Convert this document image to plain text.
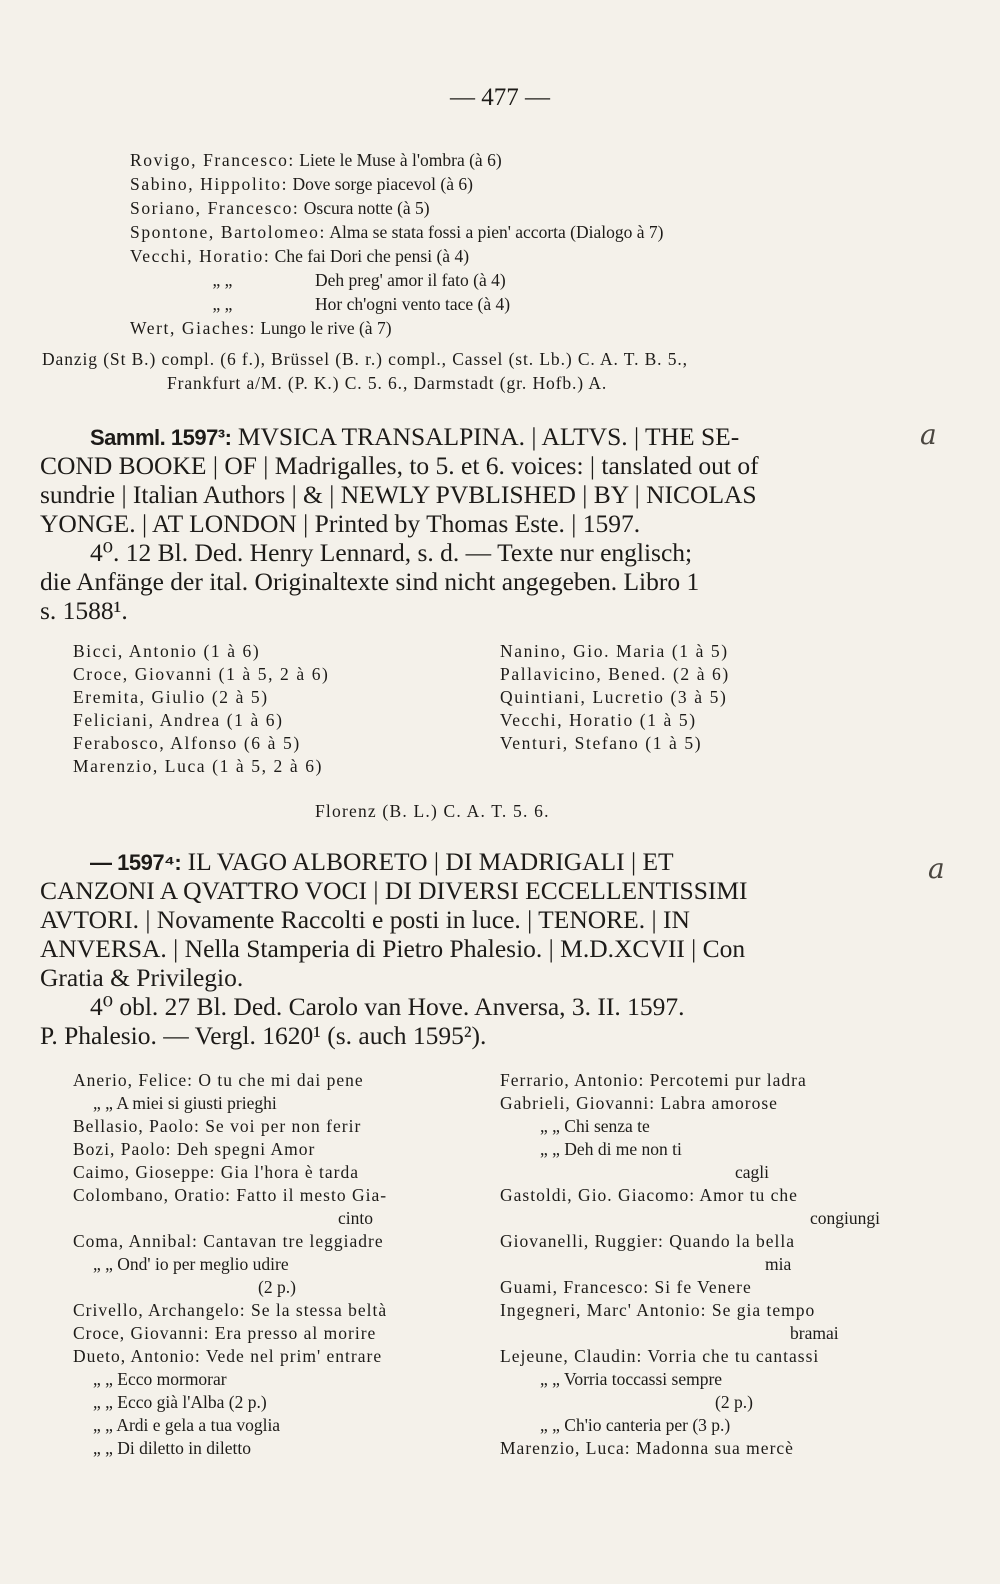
— 477 —
Rovigo, Francesco: Liete le Muse à l'ombra (à 6)
Sabino, Hippolito: Dove sorge piacevol (à 6)
Soriano, Francesco: Oscura notte (à 5)
Spontone, Bartolomeo: Alma se stata fossi a pien' accorta (Dialogo à 7)
Vecchi, Horatio: Che fai Dori che pensi (à 4)
„ „	Deh preg' amor il fato (à 4)
„ „	Hor ch'ogni vento tace (à 4)
Wert, Giaches: Lungo le rive (à 7)
Danzig (St B.) compl. (6 f.), Brüssel (B. r.) compl., Cassel (st. Lb.) C. A. T. B. 5.,
Frankfurt a/M. (P. K.) C. 5. 6., Darmstadt (gr. Hofb.) A.
Samml. 1597³: MVSICA TRANSALPINA. | ALTVS. | THE SE-
COND BOOKE | OF | Madrigalles, to 5. et 6. voices: | tanslated out of
sundrie | Italian Authors | & | NEWLY PVBLISHED | BY | NICOLAS
YONGE. | AT LONDON | Printed by Thomas Este. | 1597.
4⁰. 12 Bl. Ded. Henry Lennard, s. d. — Texte nur englisch;
die Anfänge der ital. Originaltexte sind nicht angegeben. Libro 1
s. 1588¹.
a
Bicci, Antonio (1 à 6)
Croce, Giovanni (1 à 5, 2 à 6)
Eremita, Giulio (2 à 5)
Feliciani, Andrea (1 à 6)
Ferabosco, Alfonso (6 à 5)
Marenzio, Luca (1 à 5, 2 à 6)
Nanino, Gio. Maria (1 à 5)
Pallavicino, Bened. (2 à 6)
Quintiani, Lucretio (3 à 5)
Vecchi, Horatio (1 à 5)
Venturi, Stefano (1 à 5)
Florenz (B. L.) C. A. T. 5. 6.
— 1597⁴: IL VAGO ALBORETO | DI MADRIGALI | ET
CANZONI A QVATTRO VOCI | DI DIVERSI ECCELLENTISSIMI
AVTORI. | Novamente Raccolti e posti in luce. | TENORE. | IN
ANVERSA. | Nella Stamperia di Pietro Phalesio. | M.D.XCVII | Con
Gratia & Privilegio.
4⁰ obl. 27 Bl. Ded. Carolo van Hove. Anversa, 3. II. 1597.
P. Phalesio. — Vergl. 1620¹ (s. auch 1595²).
a
Anerio, Felice: O tu che mi dai pene
„ „ A miei si giusti prieghi
Bellasio, Paolo: Se voi per non ferir
Bozi, Paolo: Deh spegni Amor
Caimo, Gioseppe: Gia l'hora è tarda
Colombano, Oratio: Fatto il mesto Gia-
cinto
Coma, Annibal: Cantavan tre leggiadre
„ „ Ond' io per meglio udire
(2 p.)
Crivello, Archangelo: Se la stessa beltà
Croce, Giovanni: Era presso al morire
Dueto, Antonio: Vede nel prim' entrare
„ „ Ecco mormorar
„ „ Ecco già l'Alba (2 p.)
„ „ Ardi e gela a tua voglia
„ „ Di diletto in diletto
Ferrario, Antonio: Percotemi pur ladra
Gabrieli, Giovanni: Labra amorose
„ „ Chi senza te
„ „ Deh di me non ti
cagli
Gastoldi, Gio. Giacomo: Amor tu che
congiungi
Giovanelli, Ruggier: Quando la bella
mia
Guami, Francesco: Si fe Venere
Ingegneri, Marc' Antonio: Se gia tempo
bramai
Lejeune, Claudin: Vorria che tu cantassi
„ „ Vorria toccassi sempre
(2 p.)
„ „ Ch'io canteria per (3 p.)
Marenzio, Luca: Madonna sua mercè
